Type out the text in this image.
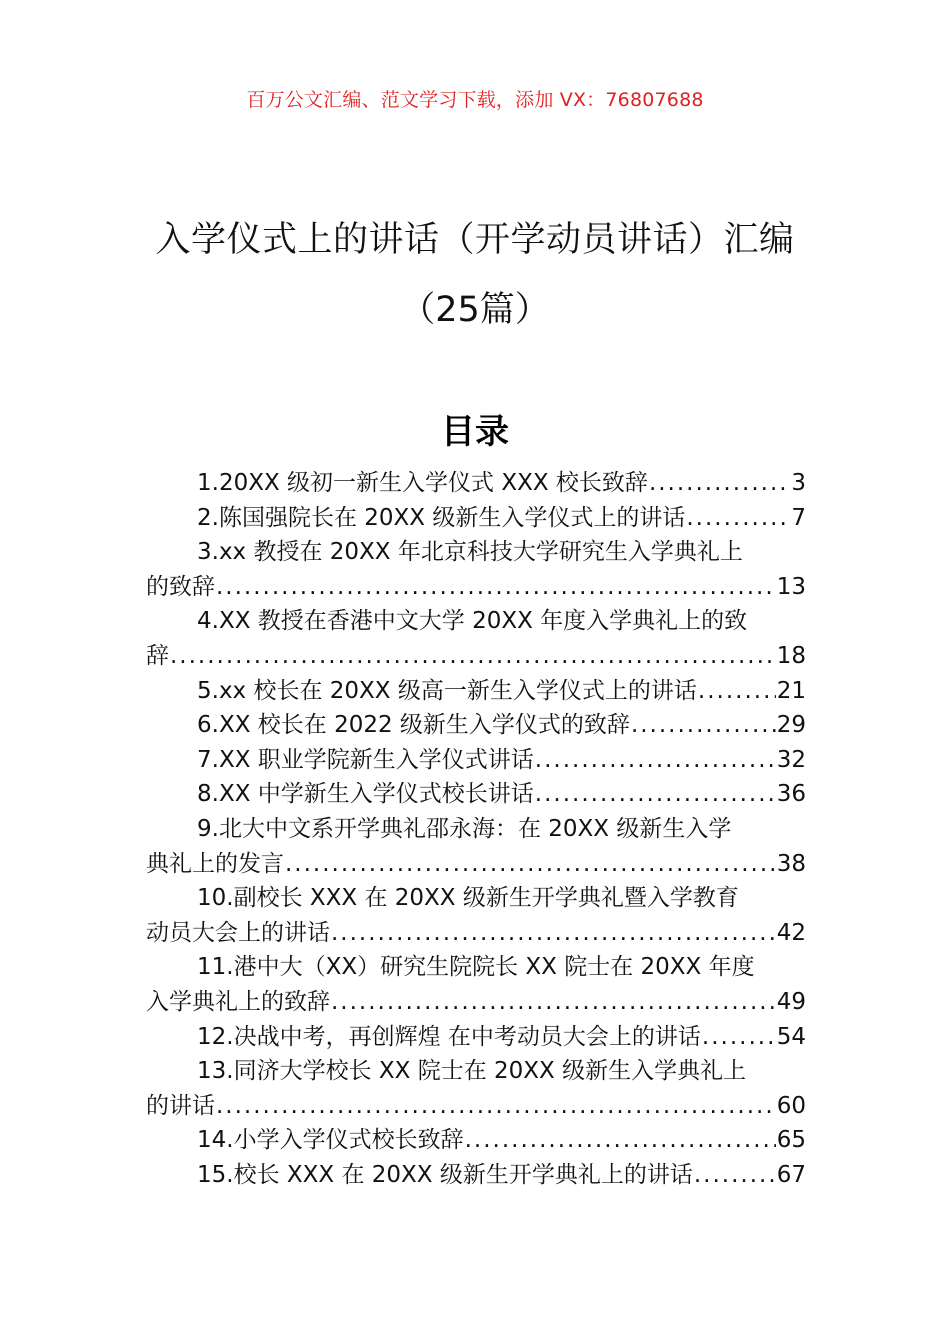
百万公文汇编、范文学习下载，添加 VX：76807688
入学仪式上的讲话（开学动员讲话）汇编
（25篇）
目录
1.20XX 级初一新生入学仪式 XXX 校长致辞 .....	3
2.陈国强院长在 20XX 级新生入学仪式上的讲话 .....	7
3.xx 教授在 20XX 年北京科技大学研究生入学典礼上
的致辞 .....	13
4.XX 教授在香港中文大学 20XX 年度入学典礼上的致
辞 .....	18
5.xx 校长在 20XX 级高一新生入学仪式上的讲话 .....	21
6.XX 校长在 2022 级新生入学仪式的致辞 .....	29
7.XX 职业学院新生入学仪式讲话 .....	32
8.XX 中学新生入学仪式校长讲话 .....	36
9.北大中文系开学典礼邵永海：在 20XX 级新生入学
典礼上的发言 .....	38
10.副校长 XXX 在 20XX 级新生开学典礼暨入学教育
动员大会上的讲话 .....	42
11.港中大（XX）研究生院院长 XX 院士在 20XX 年度
入学典礼上的致辞 .....	49
12.决战中考，再创辉煌 在中考动员大会上的讲话 .....	54
13.同济大学校长 XX 院士在 20XX 级新生入学典礼上
的讲话 .....	60
14.小学入学仪式校长致辞 .....	65
15.校长 XXX 在 20XX 级新生开学典礼上的讲话 .....	67
